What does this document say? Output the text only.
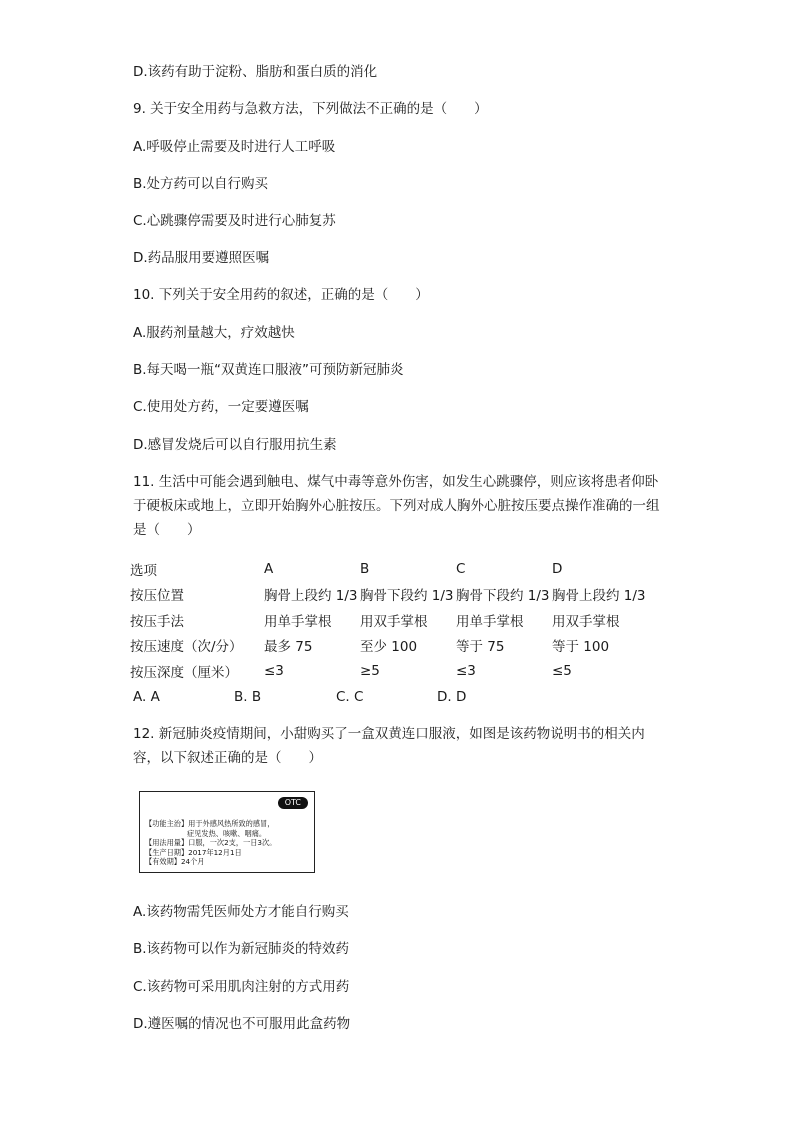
D.该药有助于淀粉、脂肪和蛋白质的消化
9. 关于安全用药与急救方法，下列做法不正确的是（　　）
A.呼吸停止需要及时进行人工呼吸
B.处方药可以自行购买
C.心跳骤停需要及时进行心肺复苏
D.药品服用要遵照医嘱
10. 下列关于安全用药的叙述，正确的是（　　）
A.服药剂量越大，疗效越快
B.每天喝一瓶“双黄连口服液”可预防新冠肺炎
C.使用处方药，一定要遵医嘱
D.感冒发烧后可以自行服用抗生素
11. 生活中可能会遇到触电、煤气中毒等意外伤害，如发生心跳骤停，则应该将患者仰卧于硬板床或地上，立即开始胸外心脏按压。下列对成人胸外心脏按压要点操作准确的一组是（　　）
选项	A	B	C	D
按压位置	胸骨上段约 1/3	胸骨下段约 1/3	胸骨下段约 1/3	胸骨上段约 1/3
按压手法	用单手掌根	用双手掌根	用单手掌根	用双手掌根
按压速度（次/分）	最多 75	至少 100	等于 75	等于 100
按压深度（厘米）	≤3	≥5	≤3	≤5
A. A	B. B	C. C	D. D
12. 新冠肺炎疫情期间，小甜购买了一盒双黄连口服液，如图是该药物说明书的相关内容，以下叙述正确的是（　　）
OTC
【功能主治】用于外感风热所致的感冒，
症见发热、咳嗽、咽痛。
【用法用量】口服，一次2支，一日3次。
【生产日期】2017年12月1日
【有效期】24个月
A.该药物需凭医师处方才能自行购买
B.该药物可以作为新冠肺炎的特效药
C.该药物可采用肌肉注射的方式用药
D.遵医嘱的情况也不可服用此盒药物
